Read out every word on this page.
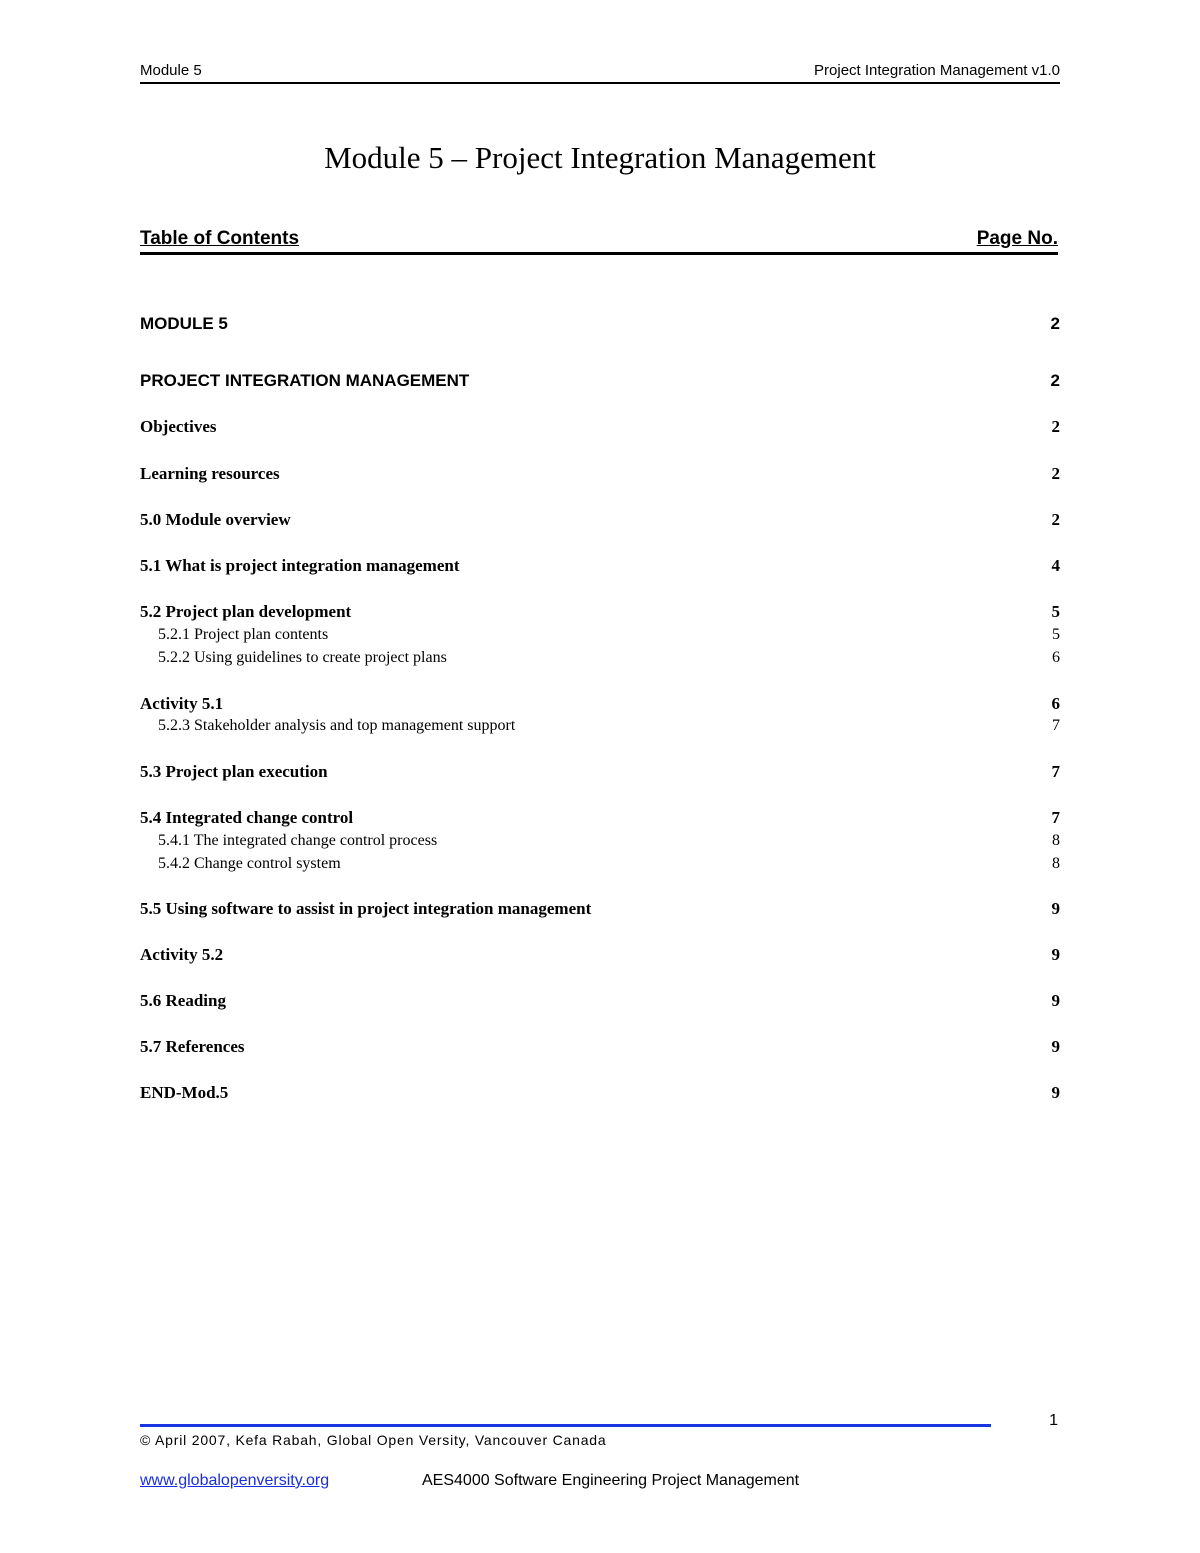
Module 5	Project Integration Management v1.0
Module 5 – Project Integration Management
Table of Contents	Page No.
MODULE 5	2
PROJECT INTEGRATION MANAGEMENT	2
Objectives	2
Learning resources	2
5.0 Module overview	2
5.1 What is project integration management	4
5.2 Project plan development	5
5.2.1 Project plan contents	5
5.2.2 Using guidelines to create project plans	6
Activity 5.1	6
5.2.3 Stakeholder analysis and top management support	7
5.3 Project plan execution	7
5.4 Integrated change control	7
5.4.1 The integrated change control process	8
5.4.2 Change control system	8
5.5 Using software to assist in project integration management	9
Activity 5.2	9
5.6 Reading	9
5.7 References	9
END-Mod.5	9
1
© April 2007, Kefa Rabah, Global Open Versity, Vancouver Canada
www.globalopenversity.org	AES4000 Software Engineering Project Management
